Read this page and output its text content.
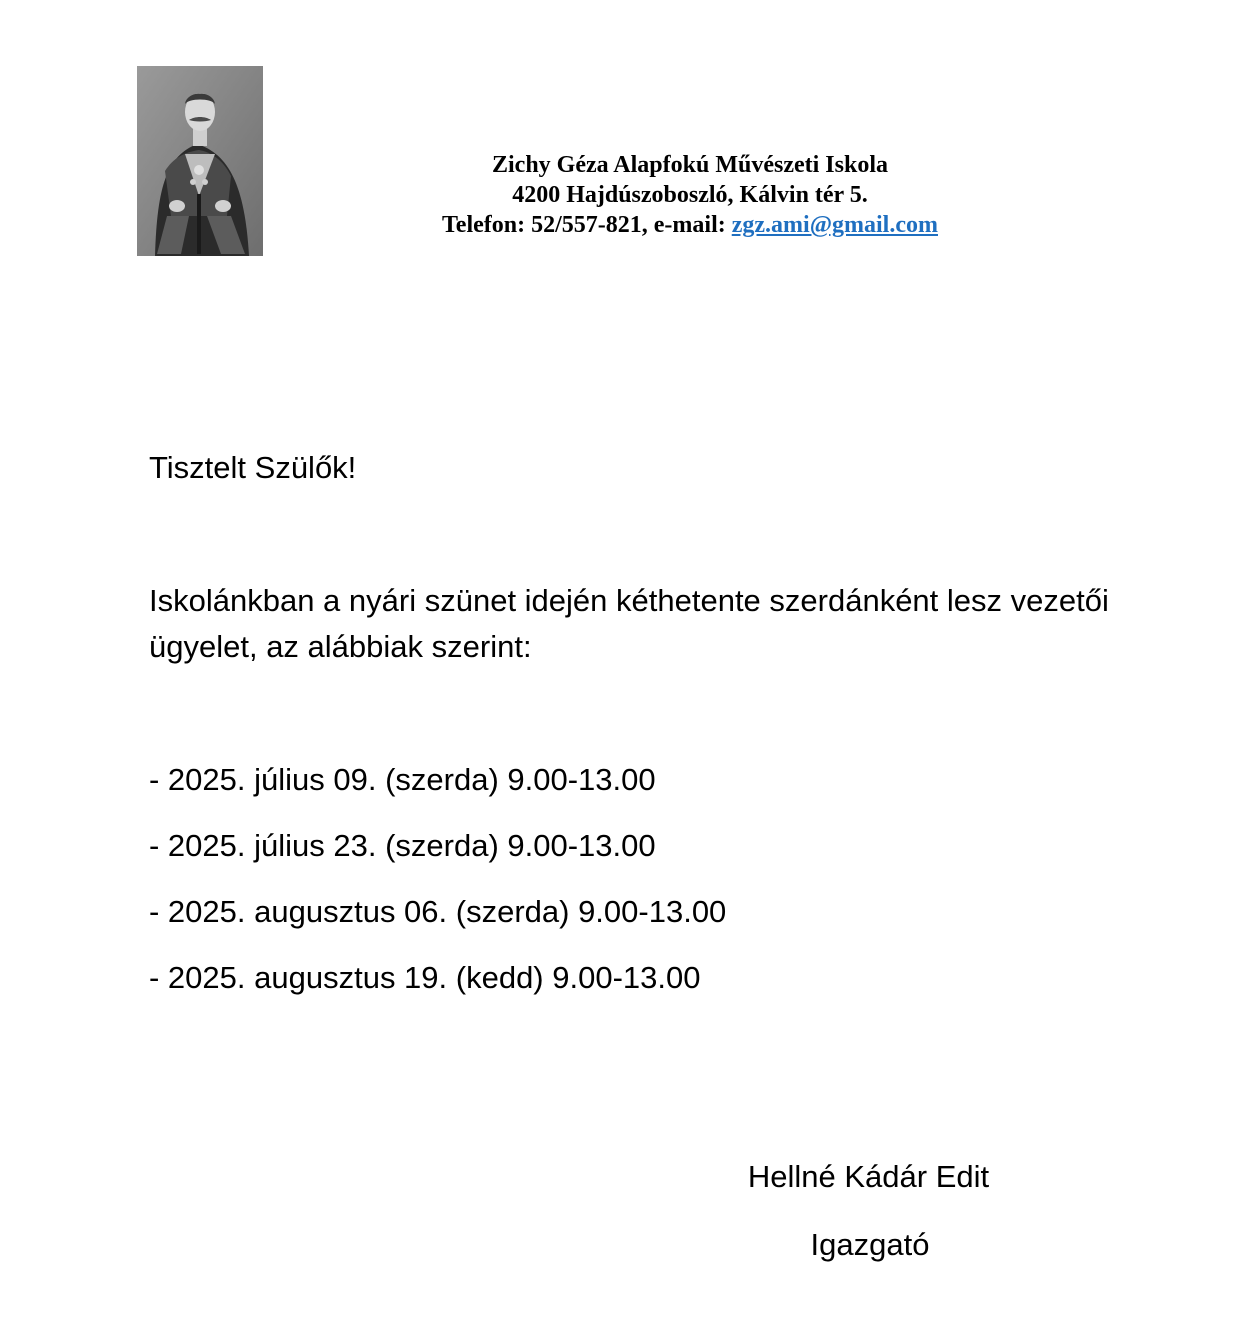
Zichy Géza Alapfokú Művészeti Iskola
4200 Hajdúszoboszló, Kálvin tér 5.
Telefon: 52/557-821, e-mail: zgz.ami@gmail.com

Tisztelt Szülők!

Iskolánkban a nyári szünet idején kéthetente szerdánként lesz vezetői ügyelet, az alábbiak szerint:

- 2025. július 09. (szerda) 9.00-13.00
- 2025. július 23. (szerda) 9.00-13.00
- 2025. augusztus 06. (szerda) 9.00-13.00
- 2025. augusztus 19. (kedd) 9.00-13.00
Hellné Kádár Edit
Igazgató
